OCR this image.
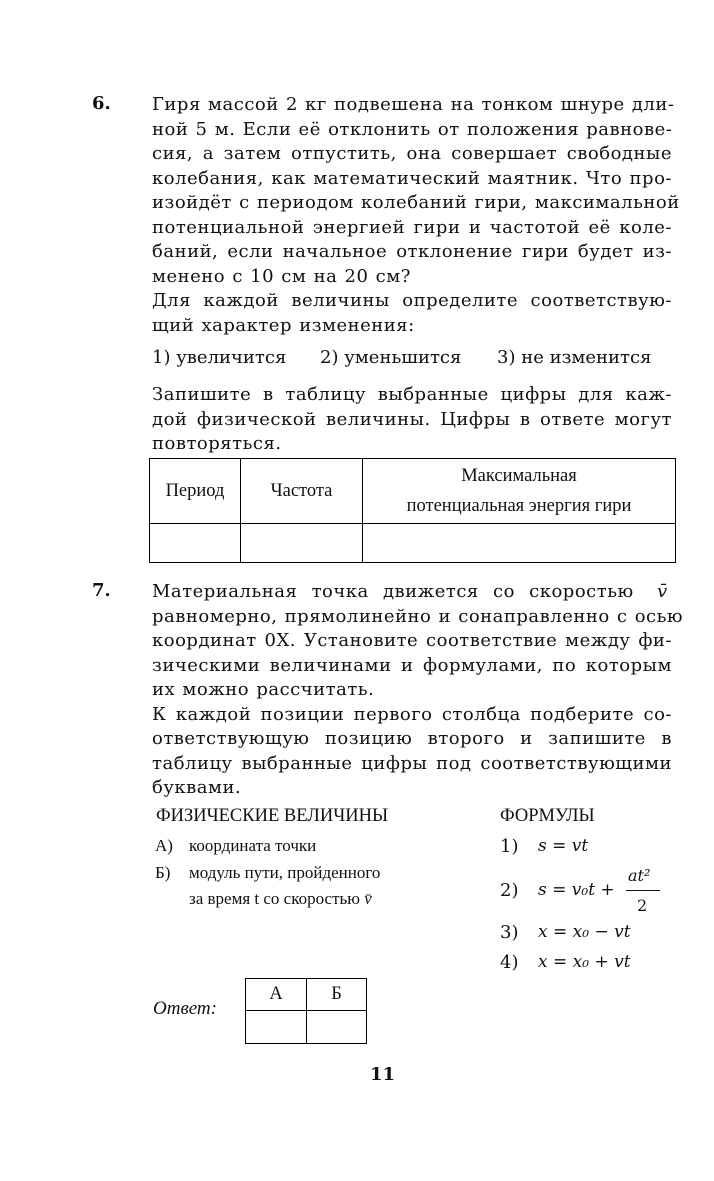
6. Гиря массой 2 кг подвешена на тонком шнуре дли-
ной 5 м. Если её отклонить от положения равнове-
сия, а затем отпустить, она совершает свободные
колебания, как математический маятник. Что про-
изойдёт с периодом колебаний гири, максимальной
потенциальной энергией гири и частотой её коле-
баний, если начальное отклонение гири будет из-
менено с 10 см на 20 см?
Для каждой величины определите соответствую-
щий характер изменения:
1) увеличится 2) уменьшится 3) не изменится
Запишите в таблицу выбранные цифры для каж-
дой физической величины. Цифры в ответе могут
повторяться.
Период	Частота	Максимальная
потенциальная энергия гири

7. Материальная точка движется со скоростью v̄
равномерно, прямолинейно и сонаправленно с осью
координат 0X. Установите соответствие между фи-
зическими величинами и формулами, по которым
их можно рассчитать.
К каждой позиции первого столбца подберите со-
ответствующую позицию второго и запишите в
таблицу выбранные цифры под соответствующими
буквами.
ФИЗИЧЕСКИЕ ВЕЛИЧИНЫ	ФОРМУЛЫ
А) координата точки
Б) модуль пути, пройденного
за время t со скоростью v̄
1) s = vt
2) s = v₀t +
at²
2
3) x = x₀ − vt
4) x = x₀ + vt
Ответ:
А	Б

11
